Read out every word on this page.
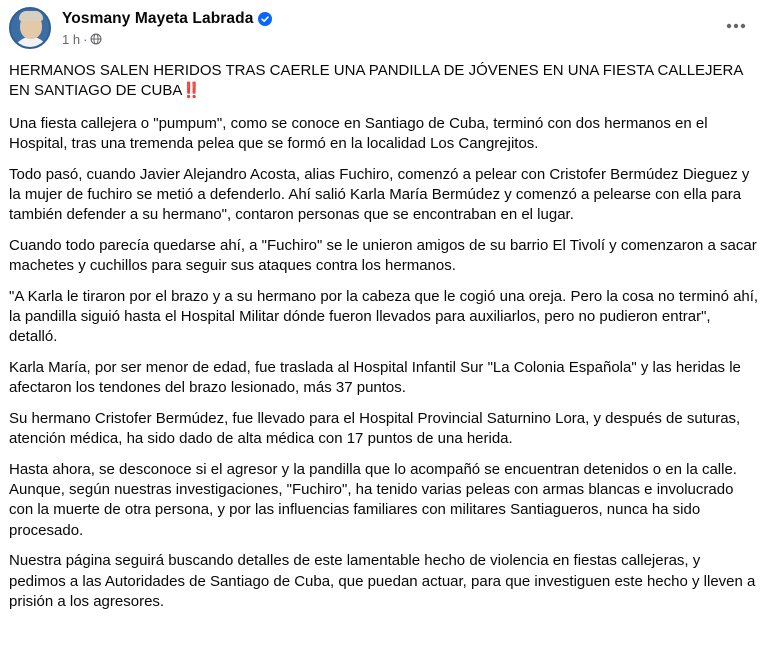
Yosmany Mayeta Labrada
1 h ·

HERMANOS SALEN HERIDOS TRAS CAERLE UNA PANDILLA DE JÓVENES EN UNA FIESTA CALLEJERA EN SANTIAGO DE CUBA‼️

Una fiesta callejera o "pumpum", como se conoce en Santiago de Cuba, terminó con dos hermanos en el Hospital, tras una tremenda pelea que se formó en la localidad Los Cangrejitos.

Todo pasó, cuando Javier Alejandro Acosta, alias Fuchiro, comenzó a pelear con Cristofer Bermúdez Dieguez y la mujer de fuchiro se metió a defenderlo. Ahí salió Karla María Bermúdez y comenzó a pelearse con ella para también defender a su hermano", contaron personas que se encontraban en el lugar.

Cuando todo parecía quedarse ahí, a "Fuchiro" se le unieron amigos de su barrio El Tivolí y comenzaron a sacar machetes y cuchillos para seguir sus ataques contra los hermanos.

"A Karla le tiraron por el brazo y a su hermano por la cabeza que le cogió una oreja. Pero la cosa no terminó ahí, la pandilla siguió hasta el Hospital Militar dónde fueron llevados para auxiliarlos, pero no pudieron entrar", detalló.

Karla María, por ser menor de edad, fue traslada al Hospital Infantil Sur "La Colonia Española" y las heridas le afectaron los tendones del brazo lesionado, más 37 puntos.

Su hermano Cristofer Bermúdez, fue llevado para el Hospital Provincial Saturnino Lora, y después de suturas, atención médica, ha sido dado de alta médica con 17 puntos de una herida.

Hasta ahora, se desconoce si el agresor y la pandilla que lo acompañó se encuentran detenidos o en la calle. Aunque, según nuestras investigaciones, "Fuchiro", ha tenido varias peleas con armas blancas e involucrado con la muerte de otra persona, y por las influencias familiares con militares Santiagueros, nunca ha sido procesado.

Nuestra página seguirá buscando detalles de este lamentable hecho de violencia en fiestas callejeras, y pedimos a las Autoridades de Santiago de Cuba, que puedan actuar, para que investiguen este hecho y lleven a prisión a los agresores.
